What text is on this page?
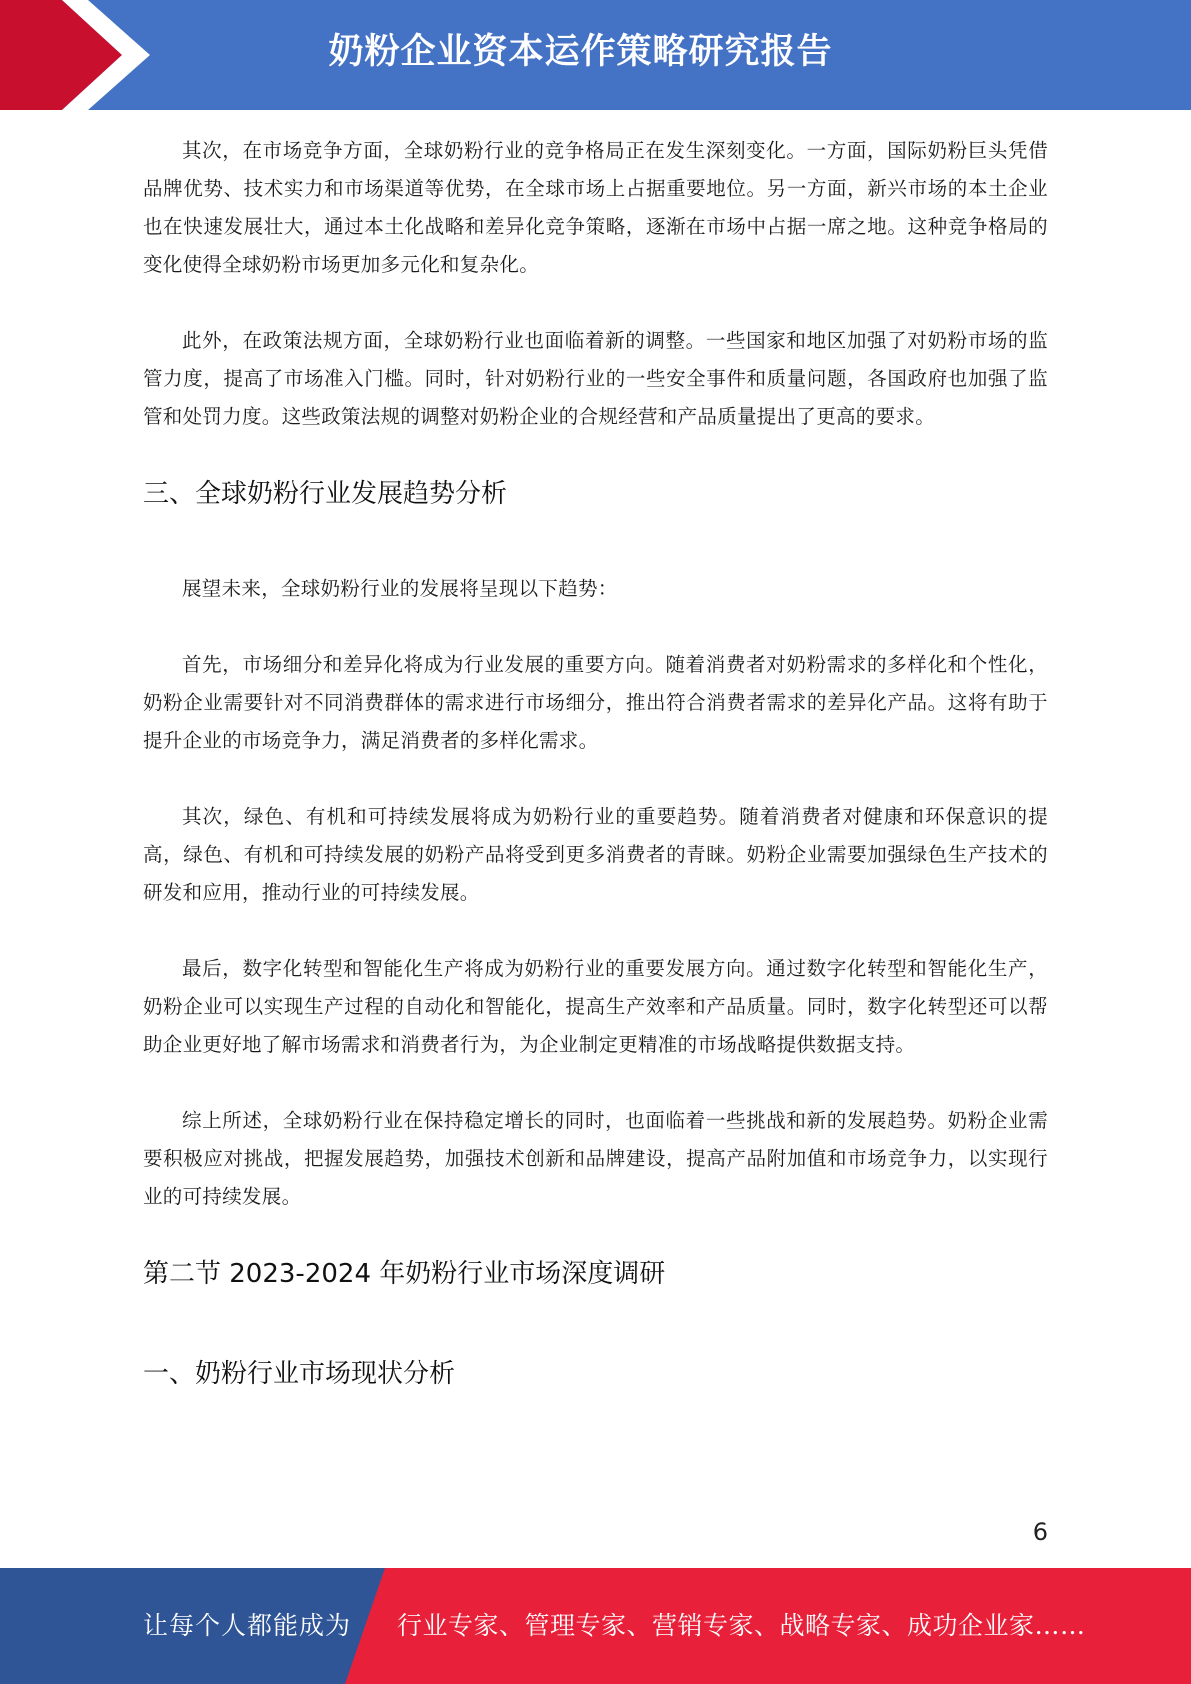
奶粉企业资本运作策略研究报告

其次，在市场竞争方面，全球奶粉行业的竞争格局正在发生深刻变化。一方面，国际奶粉巨头凭借品牌优势、技术实力和市场渠道等优势，在全球市场上占据重要地位。另一方面，新兴市场的本土企业也在快速发展壮大，通过本土化战略和差异化竞争策略，逐渐在市场中占据一席之地。这种竞争格局的变化使得全球奶粉市场更加多元化和复杂化。

此外，在政策法规方面，全球奶粉行业也面临着新的调整。一些国家和地区加强了对奶粉市场的监管力度，提高了市场准入门槛。同时，针对奶粉行业的一些安全事件和质量问题，各国政府也加强了监管和处罚力度。这些政策法规的调整对奶粉企业的合规经营和产品质量提出了更高的要求。

三、全球奶粉行业发展趋势分析

展望未来，全球奶粉行业的发展将呈现以下趋势：

首先，市场细分和差异化将成为行业发展的重要方向。随着消费者对奶粉需求的多样化和个性化，奶粉企业需要针对不同消费群体的需求进行市场细分，推出符合消费者需求的差异化产品。这将有助于提升企业的市场竞争力，满足消费者的多样化需求。

其次，绿色、有机和可持续发展将成为奶粉行业的重要趋势。随着消费者对健康和环保意识的提高，绿色、有机和可持续发展的奶粉产品将受到更多消费者的青睐。奶粉企业需要加强绿色生产技术的研发和应用，推动行业的可持续发展。

最后，数字化转型和智能化生产将成为奶粉行业的重要发展方向。通过数字化转型和智能化生产，奶粉企业可以实现生产过程的自动化和智能化，提高生产效率和产品质量。同时，数字化转型还可以帮助企业更好地了解市场需求和消费者行为，为企业制定更精准的市场战略提供数据支持。

综上所述，全球奶粉行业在保持稳定增长的同时，也面临着一些挑战和新的发展趋势。奶粉企业需要积极应对挑战，把握发展趋势，加强技术创新和品牌建设，提高产品附加值和市场竞争力，以实现行业的可持续发展。

第二节 2023-2024 年奶粉行业市场深度调研
一、奶粉行业市场现状分析
6
让每个人都能成为 行业专家、管理专家、营销专家、战略专家、成功企业家……
